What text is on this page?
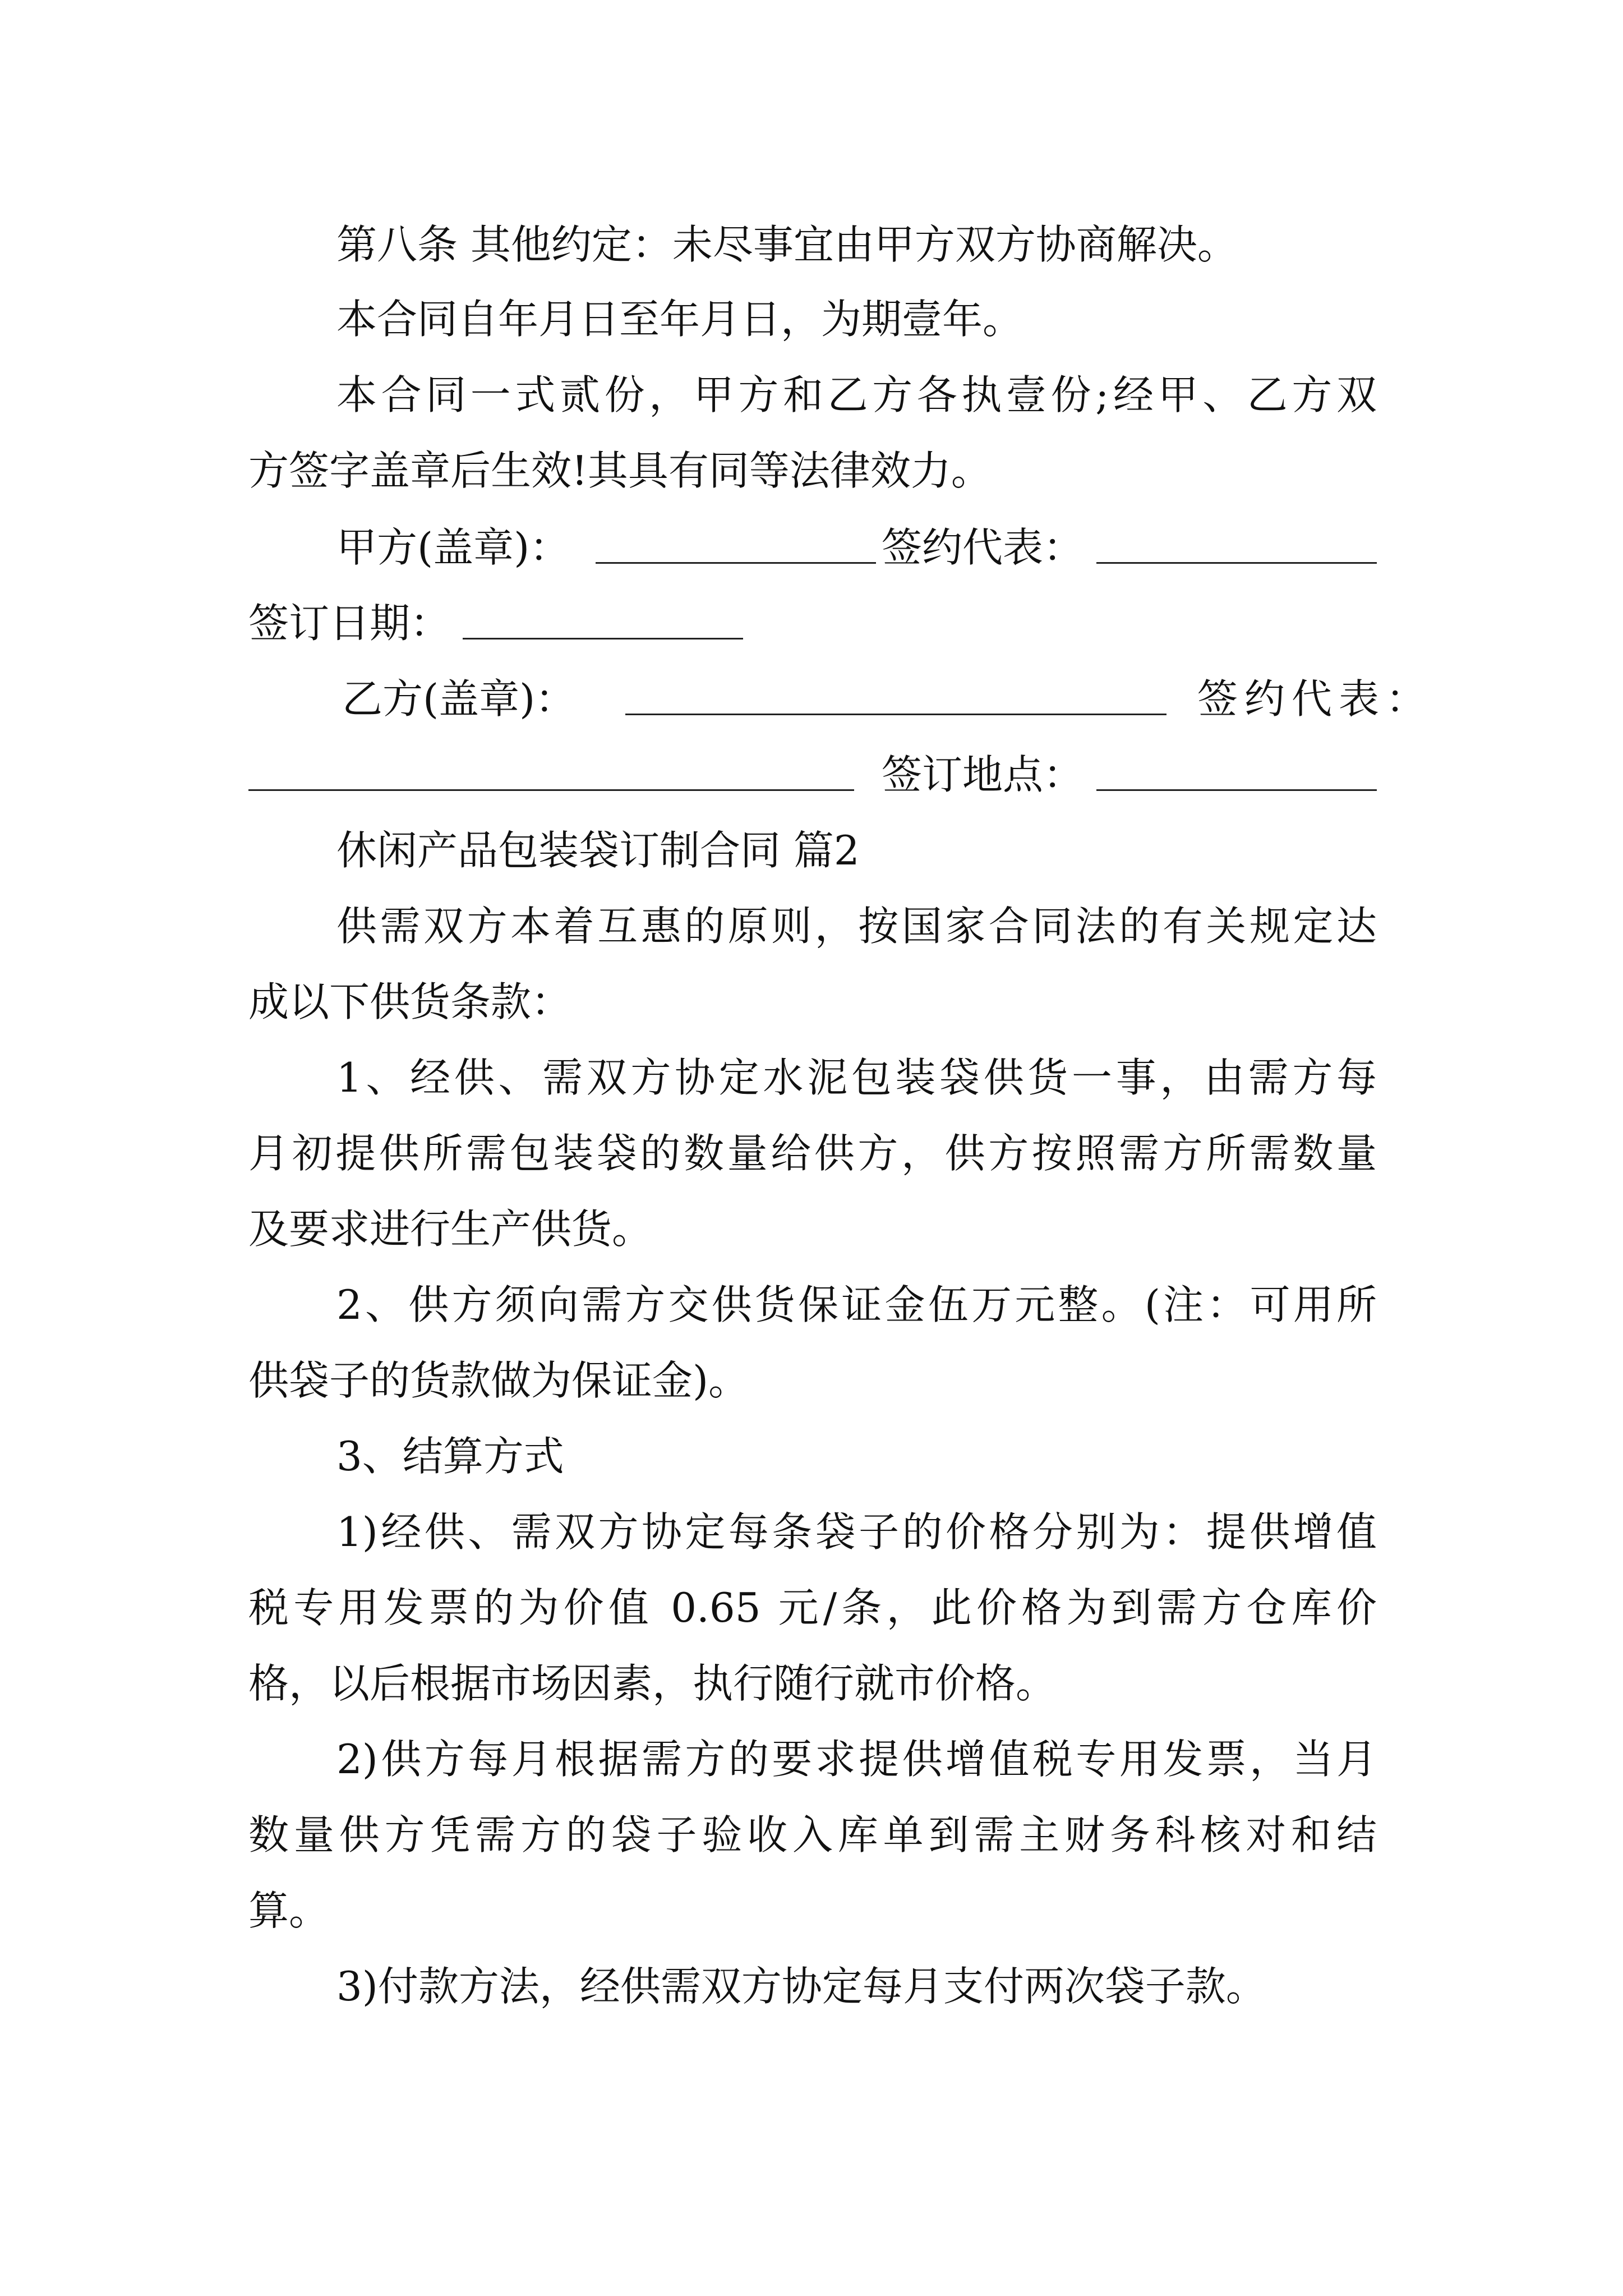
第八条 其他约定：未尽事宜由甲方双方协商解决。
本合同自年月日至年月日，为期壹年。
本合同一式贰份，甲方和乙方各执壹份;经甲、乙方双
方签字盖章后生效!其具有同等法律效力。
甲方(盖章)：	签约代表：
签订日期：
乙方(盖章)：	签约代表：
签订地点：
休闲产品包装袋订制合同 篇2
供需双方本着互惠的原则，按国家合同法的有关规定达
成以下供货条款：
1、经供、需双方协定水泥包装袋供货一事，由需方每
月初提供所需包装袋的数量给供方，供方按照需方所需数量
及要求进行生产供货。
2、供方须向需方交供货保证金伍万元整。(注：可用所
供袋子的货款做为保证金)。
3、结算方式
1)经供、需双方协定每条袋子的价格分别为：提供增值
税专用发票的为价值 0.65 元/条，此价格为到需方仓库价
格，以后根据市场因素，执行随行就市价格。
2)供方每月根据需方的要求提供增值税专用发票，当月
数量供方凭需方的袋子验收入库单到需主财务科核对和结
算。
3)付款方法，经供需双方协定每月支付两次袋子款。
